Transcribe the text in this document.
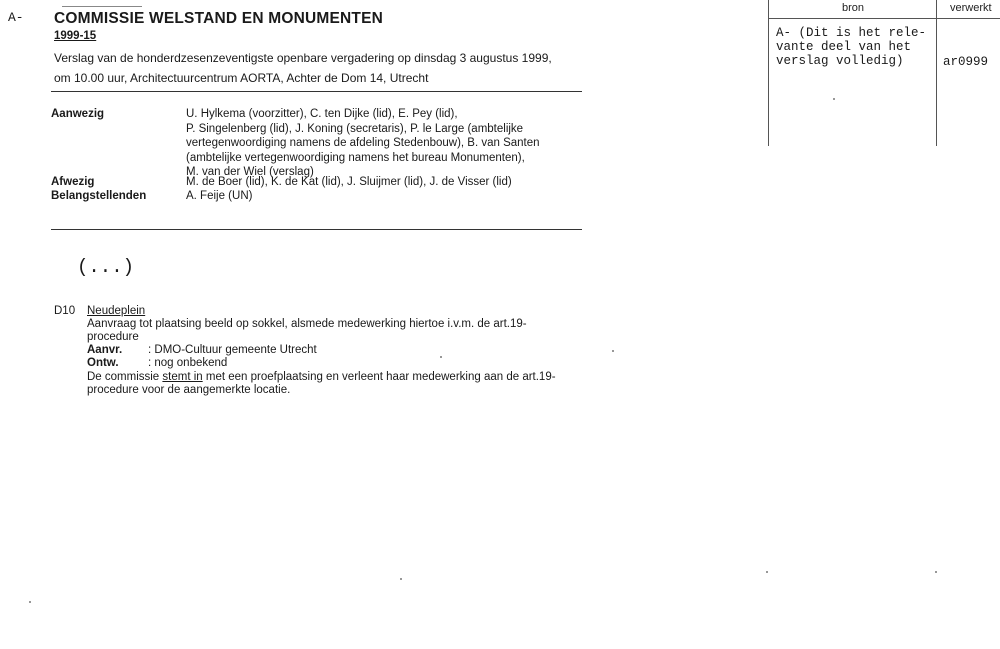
A- COMMISSIE WELSTAND EN MONUMENTEN
1999-15
Verslag van de honderdzesenzeventigste openbare vergadering op dinsdag 3 augustus 1999,
om 10.00 uur, Architectuurcentrum AORTA, Achter de Dom 14, Utrecht
Aanwezig	U. Hylkema (voorzitter), C. ten Dijke (lid), E. Pey (lid),
P. Singelenberg (lid), J. Koning (secretaris), P. le Large (ambtelijke
vertegenwoordiging namens de afdeling Stedenbouw), B. van Santen
(ambtelijke vertegenwoordiging namens het bureau Monumenten),
M. van der Wiel (verslag)
Afwezig	M. de Boer (lid), K. de Kat (lid), J. Sluijmer (lid), J. de Visser (lid)
Belangstellenden	A. Feije (UN)
(...)
D10 Neudeplein
Aanvraag tot plaatsing beeld op sokkel, alsmede medewerking hiertoe i.v.m. de art.19-
procedure
Aanvr. : DMO-Cultuur gemeente Utrecht
Ontw.	: nog onbekend
De commissie stemt in met een proefplaatsing en verleent haar medewerking aan de art.19-
procedure voor de aangemerkte locatie.
bron	verwerkt
A- (Dit is het rele-
vante deel van het
verslag volledig)	ar0999
